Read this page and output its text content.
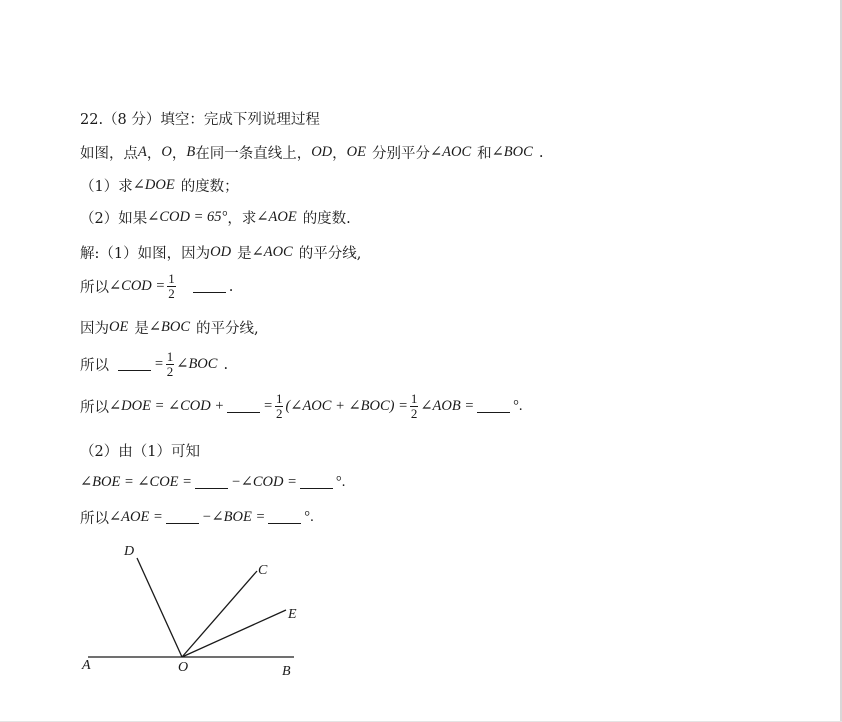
22.（8 分）填空：完成下列说理过程
如图，点 A ， O ， B 在同一条直线上， OD ， OE 分别平分 ∠AOC 和 ∠BOC .
（1）求 ∠DOE 的度数；
（2）如果 ∠COD = 65° ，求 ∠AOE 的度数.
解:（1）如图，因为 OD 是 ∠AOC 的平分线,
所以 ∠COD = $\frac{1}{2}$	.
因为 OE 是 ∠BOC 的平分线,
所以	= $\frac{1}{2}$ ∠BOC .
所以 ∠DOE = ∠COD +	= $\frac{1}{2}$ (∠AOC + ∠BOC) = $\frac{1}{2}$ ∠AOB =	°.
（2）由（1）可知
∠BOE = ∠COE =	−∠COD =	°.
所以 ∠AOE =	−∠BOE =	°.
D
C
E
A	O	B
